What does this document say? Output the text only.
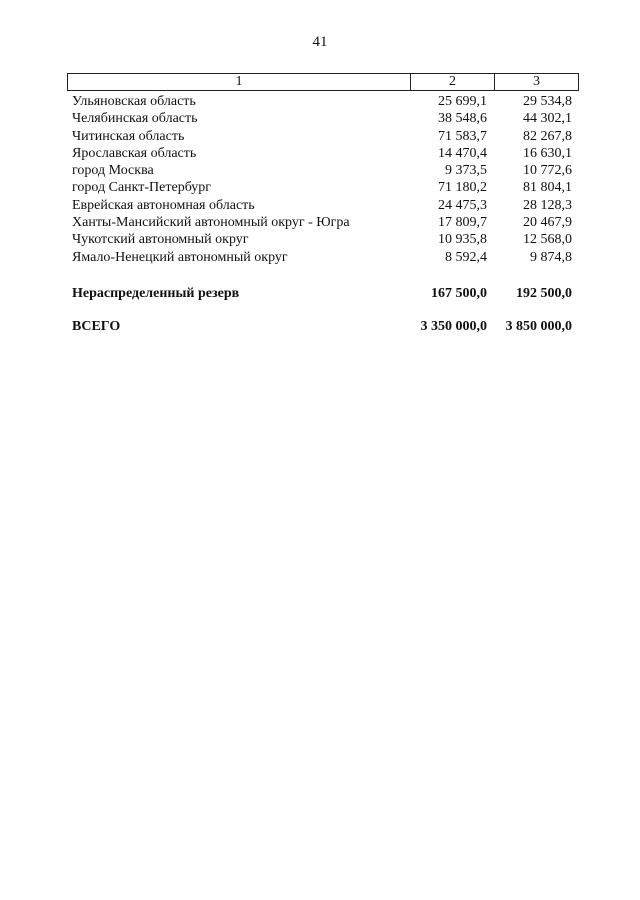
41
1	2	3
Ульяновская область	25 699,1	29 534,8
Челябинская область	38 548,6	44 302,1
Читинская область	71 583,7	82 267,8
Ярославская область	14 470,4	16 630,1
город Москва	9 373,5	10 772,6
город Санкт-Петербург	71 180,2	81 804,1
Еврейская автономная область	24 475,3	28 128,3
Ханты-Мансийский автономный округ - Югра	17 809,7	20 467,9
Чукотский автономный округ	10 935,8	12 568,0
Ямало-Ненецкий автономный округ	8 592,4	9 874,8
Нераспределенный резерв	167 500,0	192 500,0
ВСЕГО	3 350 000,0	3 850 000,0
